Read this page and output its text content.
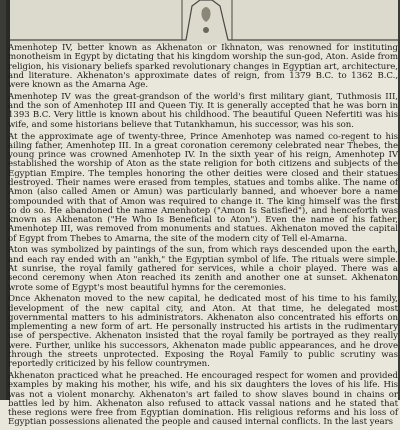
Amenhotep IV, better known as Akhenaton or Ikhnaton, was renowned for instituting monotheism in Egypt by dictating that his kingdom worship the sun-god, Aton. Aside from religion, his visionary beliefs sparked revolutionary changes in Egyptian art, architecture, and literature. Akhenaton's approximate dates of reign, from 1379 B.C. to 1362 B.C., were known as the Amarna Age.

Amenhotep IV was the great-grandson of the world's first military giant, Tuthmosis III, and the son of Amenhotep III and Queen Tiy. It is generally accepted that he was born in 1393 B.C. Very little is known about his childhood. The beautiful Queen Nefertiti was his wife, and some historians believe that Tutankhamun, his successor, was his son.

At the approximate age of twenty-three, Prince Amenhotep was named co-regent to his ailing father, Amenhotep III. In a great coronation ceremony celebrated near Thebes, the young prince was crowned Amenhotep IV. In the sixth year of his reign, Amenhotep IV established the worship of Aton as the state religion for both citizens and subjects of the Egyptian Empire. The temples honoring the other deities were closed and their statues destroyed. Their names were erased from temples, statues and tombs alike. The name of Amon (also called Amen or Amun) was particularly banned, and whoever bore a name compounded with that of Amon was required to change it. The king himself was the first to do so. He abandoned the name Amenhotep ("Amon Is Satisfied"), and henceforth was known as Akhenaton ("He Who Is Beneficial to Aton"). Even the name of his father, Amenhotep III, was removed from monuments and statues. Akhenaton moved the capital of Egypt from Thebes to Amarna, the site of the modern city of Tell el-Amarna.

Aton was symbolized by paintings of the sun, from which rays descended upon the earth, and each ray ended with an "ankh," the Egyptian symbol of life. The rituals were simple. At sunrise, the royal family gathered for services, while a choir played. There was a second ceremony when Aton reached its zenith and another one at sunset. Akhenaton wrote some of Egypt's most beautiful hymns for the ceremonies.

Once Akhenaton moved to the new capital, he dedicated most of his time to his family, development of the new capital city, and Aton. At that time, he delegated most governmental matters to his administrators. Akhenaton also concentrated his efforts on implementing a new form of art. He personally instructed his artists in the rudimentary use of perspective. Akhenaton insisted that the royal family be portrayed as they really were. Further, unlike his successors, Akhenaton made public appearances, and he drove through the streets unprotected. Exposing the Royal Family to public scrutiny was reportedly criticized by his fellow countrymen.

Akhenaton practiced what he preached. He encouraged respect for women and provided examples by making his mother, his wife, and his six daughters the loves of his life. His was not a violent monarchy. Akhenaton's art failed to show slaves bound in chains or battles led by him. Akhenaton also refused to attack vassal nations and he stated that these regions were free from Egyptian domination. His religious reforms and his loss of Egyptian possessions alienated the people and caused internal conflicts. In the last years
